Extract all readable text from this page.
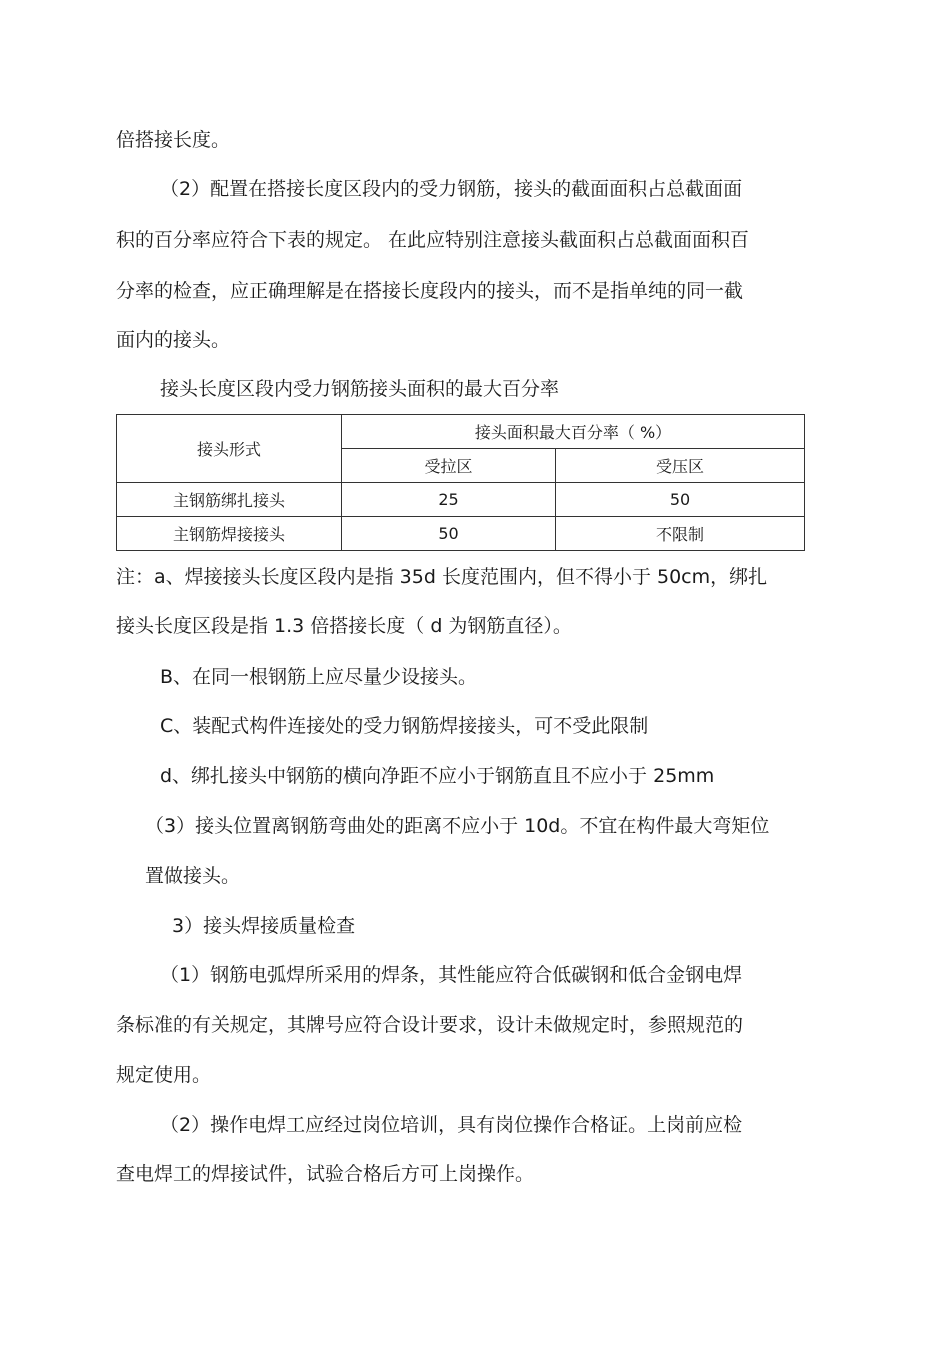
倍搭接长度。
（2）配置在搭接长度区段内的受力钢筋，接头的截面面积占总截面面
积的百分率应符合下表的规定。 在此应特别注意接头截面积占总截面面积百
分率的检查，应正确理解是在搭接长度段内的接头，而不是指单纯的同一截
面内的接头。
接头长度区段内受力钢筋接头面积的最大百分率
接头形式	接头面积最大百分率（ %）	
	受拉区	受压区
主钢筋绑扎接头	25	50
主钢筋焊接接头	50	不限制
注：a、焊接接头长度区段内是指 35d 长度范围内，但不得小于 50cm，绑扎
接头长度区段是指 1.3 倍搭接长度（ d 为钢筋直径）。
B、在同一根钢筋上应尽量少设接头。
C、装配式构件连接处的受力钢筋焊接接头，可不受此限制
d、绑扎接头中钢筋的横向净距不应小于钢筋直且不应小于 25mm
（3）接头位置离钢筋弯曲处的距离不应小于 10d。不宜在构件最大弯矩位
置做接头。
3）接头焊接质量检查
（1）钢筋电弧焊所采用的焊条，其性能应符合低碳钢和低合金钢电焊
条标准的有关规定，其牌号应符合设计要求，设计未做规定时，参照规范的
规定使用。
（2）操作电焊工应经过岗位培训，具有岗位操作合格证。上岗前应检
查电焊工的焊接试件，试验合格后方可上岗操作。
